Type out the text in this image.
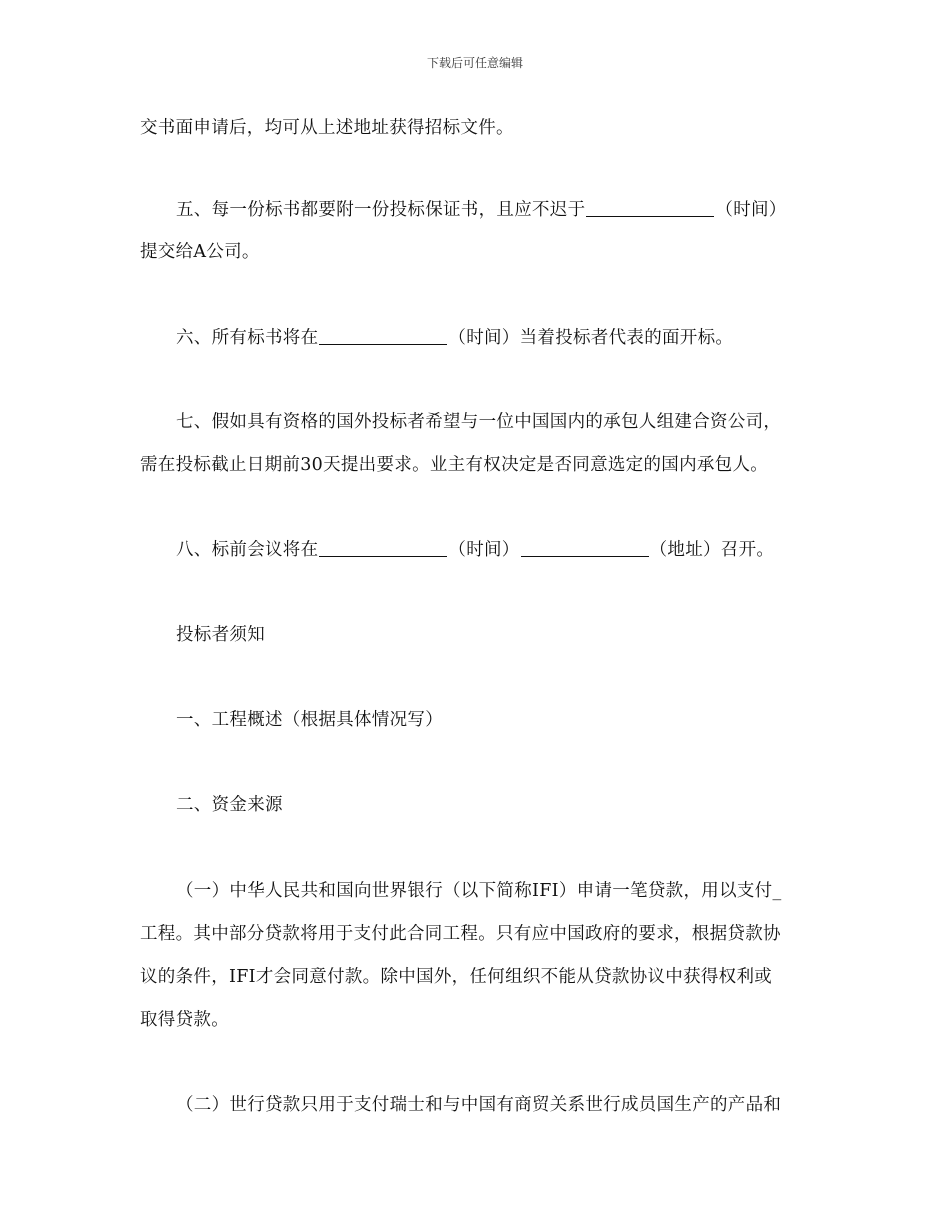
下载后可任意编辑
交书面申请后，均可从上述地址获得招标文件。
五、每一份标书都要附一份投标保证书，且应不迟于	（时间）
提交给A公司。
六、所有标书将在	（时间）当着投标者代表的面开标。
七、假如具有资格的国外投标者希望与一位中国国内的承包人组建合资公司，
需在投标截止日期前30天提出要求。业主有权决定是否同意选定的国内承包人。
八、标前会议将在	（时间）	（地址）召开。
投标者须知
一、工程概述（根据具体情况写）
二、资金来源
（一）中华人民共和国向世界银行（以下简称IFI）申请一笔贷款，用以支付_
工程。其中部分贷款将用于支付此合同工程。只有应中国政府的要求，根据贷款协
议的条件，IFI才会同意付款。除中国外，任何组织不能从贷款协议中获得权利或
取得贷款。
（二）世行贷款只用于支付瑞士和与中国有商贸关系世行成员国生产的产品和
